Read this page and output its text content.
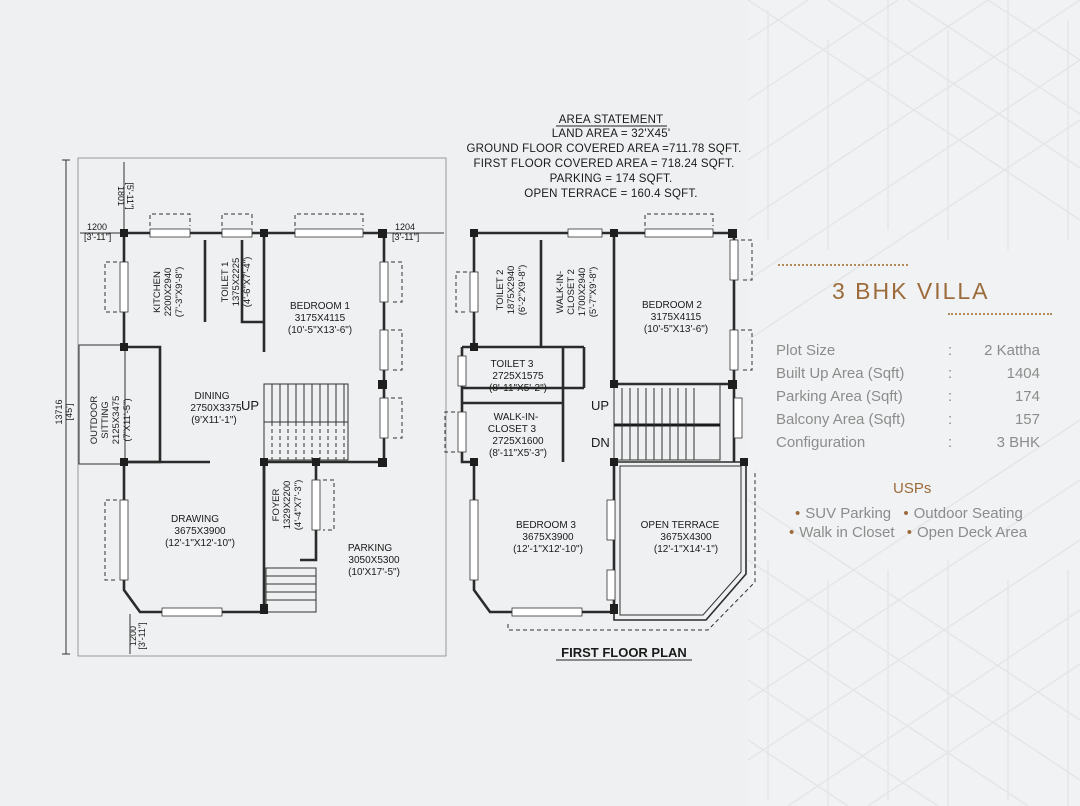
AREA STATEMENT
LAND AREA = 32'X45'
GROUND FLOOR COVERED AREA =711.78 SQFT.
FIRST FLOOR COVERED AREA = 718.24 SQFT.
PARKING = 174 SQFT.
OPEN TERRACE = 160.4 SQFT.
13716 [45']
1801 [5'-11"]
1200
[3'-11"]
1204
[3'-11"]
1200 [3'-11"]
KITCHEN 2200X2940 (7'-3"X9'-8")	TOILET 1 1375X2225 (4'-6"X7'-4")	BEDROOM 1
3175X4115
(10'-5"X13'-6")
OUTDOOR SITTING 2125X3475 (7'X11'-5")
DINING
2750X3375
(9'X11'-1")
UP
DRAWING
3675X3900
(12'-1"X12'-10")
FOYER 1329X2200 (4'-4"X7'-3")
PARKING
3050X5300
(10'X17'-5")
TOILET 2 1875X2940 (6'-2"X9'-8")	WALK-IN- CLOSET 2 1700X2940 (5'-7"X9'-8")	BEDROOM 2
3175X4115
(10'-5"X13'-6")
TOILET 3
2725X1575
(8'-11"X5'-2")
WALK-IN-
CLOSET 3
2725X1600
(8'-11"X5'-3")
BEDROOM 3
3675X3900
(12'-1"X12'-10")
OPEN TERRACE
3675X4300
(12'-1"X14'-1")
UP
DN
FIRST FLOOR PLAN
3 BHK VILLA
Plot Size	: 2 Kattha
Built Up Area (Sqft)	:	1404
Parking Area (Sqft)	:	174
Balcony Area (Sqft)	:	157
Configuration	:	3 BHK
USPs
• SUV Parking • Outdoor Seating
• Walk in Closet • Open Deck Area
